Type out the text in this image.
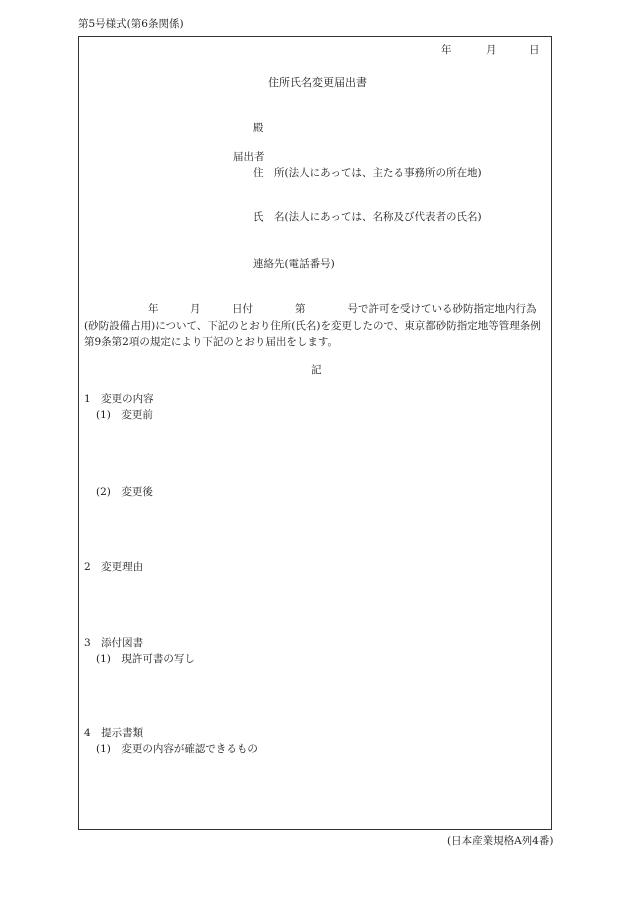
第5号様式(第6条関係)
年	月	日
住所氏名変更届出書
殿
届出者
住　所(法人にあっては、主たる事務所の所在地)
氏　名(法人にあっては、名称及び代表者の氏名)
連絡先(電話番号)
年　　　月　　　日付　　　　第　　　　号で許可を受けている砂防指定地内行為
(砂防設備占用)について、下記のとおり住所(氏名)を変更したので、東京都砂防指定地等管理条例
第9条第2項の規定により下記のとおり届出をします。
記
1　変更の内容
(1)　変更前
(2)　変更後
2　変更理由
3　添付図書
(1)　現許可書の写し
4　提示書類
(1)　変更の内容が確認できるもの
(日本産業規格A列4番)
